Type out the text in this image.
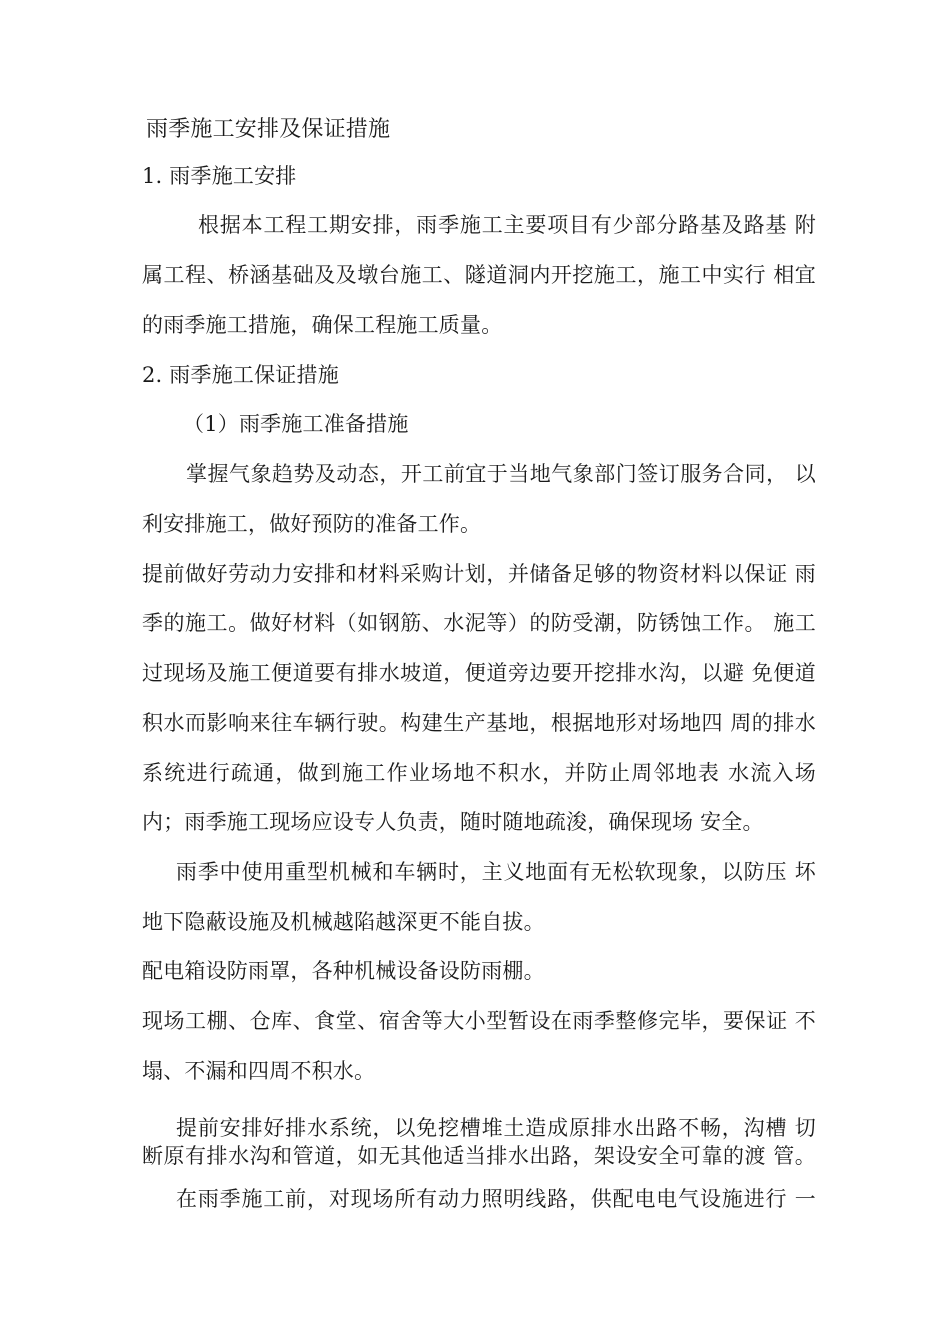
雨季施工安排及保证措施
1. 雨季施工安排
根据本工程工期安排，雨季施工主要项目有少部分路基及路基 附
属工程、桥涵基础及及墩台施工、隧道洞内开挖施工，施工中实行 相宜
的雨季施工措施，确保工程施工质量。
2. 雨季施工保证措施
（1）雨季施工准备措施
掌握气象趋势及动态，开工前宜于当地气象部门签订服务合同， 以
利安排施工，做好预防的准备工作。
提前做好劳动力安排和材料采购计划，并储备足够的物资材料以保证 雨
季的施工。做好材料（如钢筋、水泥等）的防受潮，防锈蚀工作。 施工
过现场及施工便道要有排水坡道，便道旁边要开挖排水沟，以避 免便道
积水而影响来往车辆行驶。构建生产基地，根据地形对场地四 周的排水
系统进行疏通，做到施工作业场地不积水，并防止周邻地表 水流入场
内；雨季施工现场应设专人负责，随时随地疏浚，确保现场 安全。
雨季中使用重型机械和车辆时，主义地面有无松软现象，以防压 坏
地下隐蔽设施及机械越陷越深更不能自拔。
配电箱设防雨罩，各种机械设备设防雨棚。
现场工棚、仓库、食堂、宿舍等大小型暂设在雨季整修完毕，要保证 不
塌、不漏和四周不积水。
提前安排好排水系统，以免挖槽堆土造成原排水出路不畅，沟槽 切
断原有排水沟和管道，如无其他适当排水出路，架设安全可靠的渡 管。
在雨季施工前，对现场所有动力照明线路，供配电电气设施进行 一
